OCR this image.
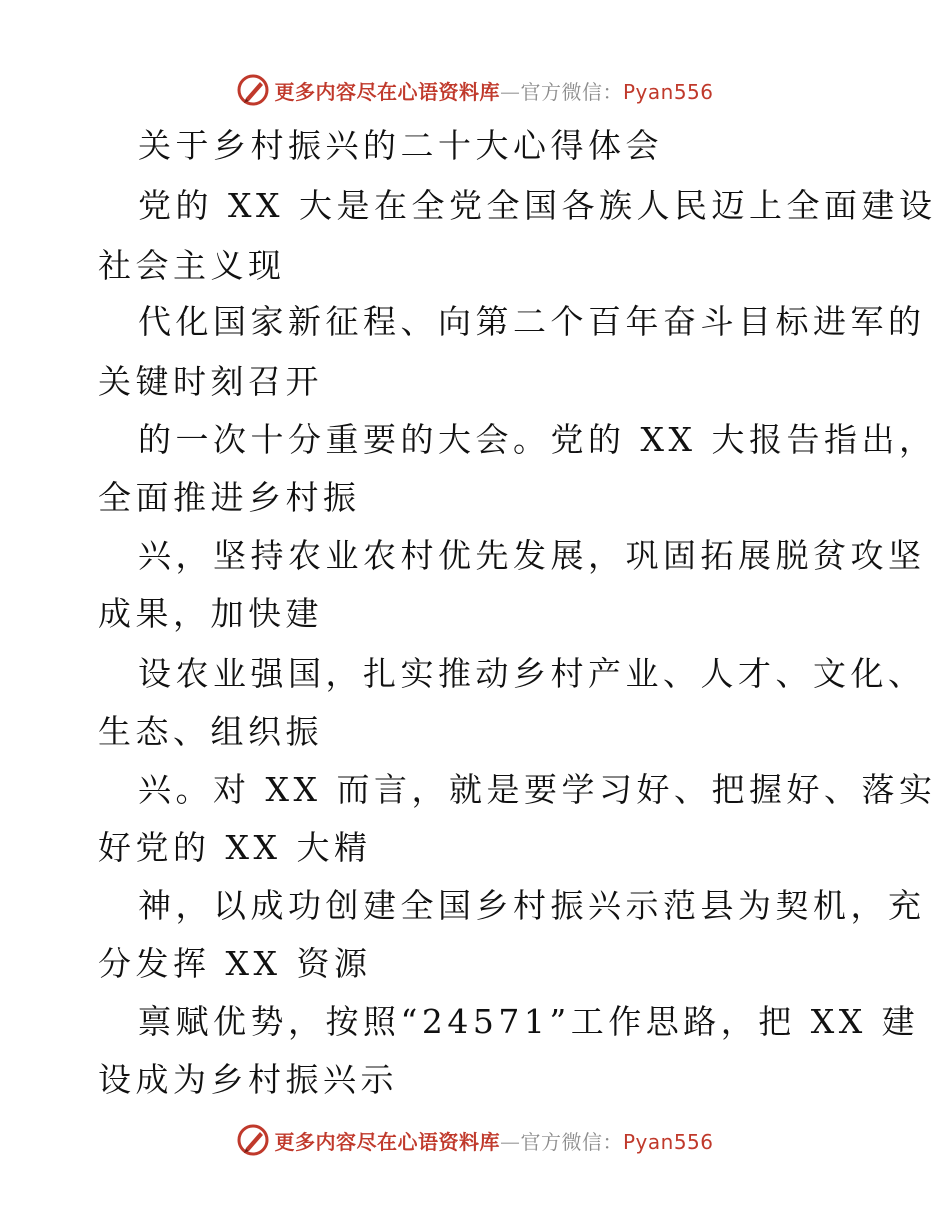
更多内容尽在心语资料库—官方微信：Pyan556
关于乡村振兴的二十大心得体会
党的 XX 大是在全党全国各族人民迈上全面建设
社会主义现
代化国家新征程、向第二个百年奋斗目标进军的
关键时刻召开
的一次十分重要的大会。党的 XX 大报告指出，
全面推进乡村振
兴，坚持农业农村优先发展，巩固拓展脱贫攻坚
成果，加快建
设农业强国，扎实推动乡村产业、人才、文化、
生态、组织振
兴。对 XX 而言，就是要学习好、把握好、落实
好党的 XX 大精
神，以成功创建全国乡村振兴示范县为契机，充
分发挥 XX 资源
禀赋优势，按照“24571”工作思路，把 XX 建
设成为乡村振兴示
更多内容尽在心语资料库—官方微信：Pyan556
